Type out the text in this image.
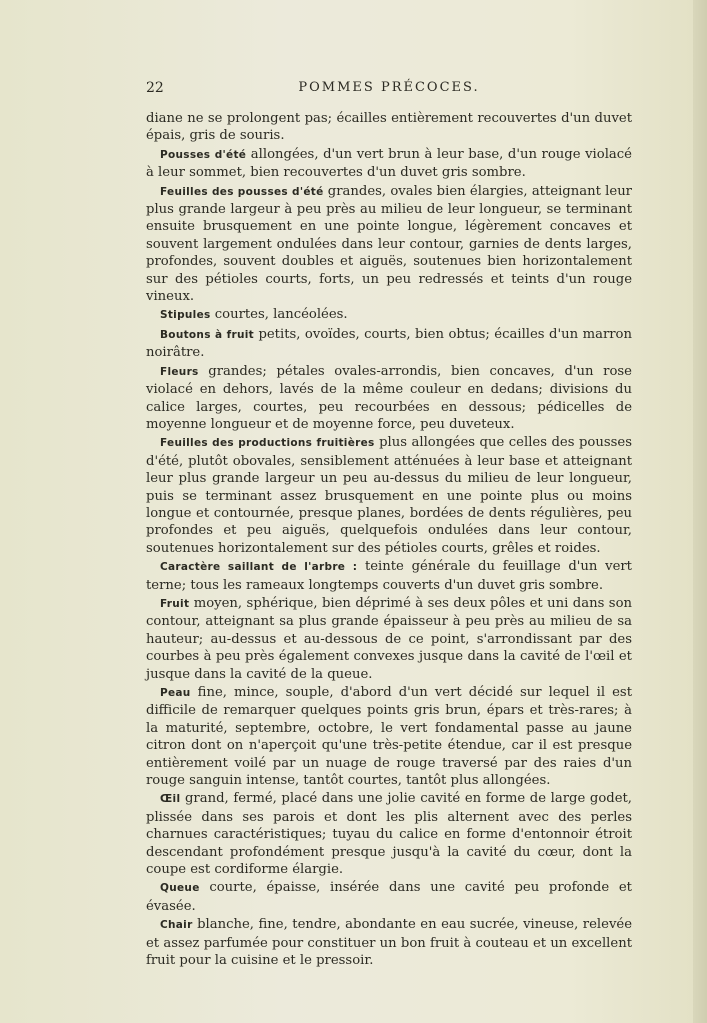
22	POMMES PRÉCOCES.

diane ne se prolongent pas; écailles entièrement recouvertes d'un duvet épais, gris de souris.

Pousses d'été allongées, d'un vert brun à leur base, d'un rouge violacé à leur sommet, bien recouvertes d'un duvet gris sombre.

Feuilles des pousses d'été grandes, ovales bien élargies, atteignant leur plus grande largeur à peu près au milieu de leur longueur, se terminant ensuite brusquement en une pointe longue, légèrement concaves et souvent largement ondulées dans leur contour, garnies de dents larges, profondes, souvent doubles et aiguës, soutenues bien horizontalement sur des pétioles courts, forts, un peu redressés et teints d'un rouge vineux.

Stipules courtes, lancéolées.

Boutons à fruit petits, ovoïdes, courts, bien obtus; écailles d'un marron noirâtre.

Fleurs grandes; pétales ovales-arrondis, bien concaves, d'un rose violacé en dehors, lavés de la même couleur en dedans; divisions du calice larges, courtes, peu recourbées en dessous; pédicelles de moyenne longueur et de moyenne force, peu duveteux.

Feuilles des productions fruitières plus allongées que celles des pousses d'été, plutôt obovales, sensiblement atténuées à leur base et atteignant leur plus grande largeur un peu au-dessus du milieu de leur longueur, puis se terminant assez brusquement en une pointe plus ou moins longue et contournée, presque planes, bordées de dents régulières, peu profondes et peu aiguës, quelquefois ondulées dans leur contour, soutenues horizontalement sur des pétioles courts, grêles et roides.

Caractère saillant de l'arbre : teinte générale du feuillage d'un vert terne; tous les rameaux longtemps couverts d'un duvet gris sombre.

Fruit moyen, sphérique, bien déprimé à ses deux pôles et uni dans son contour, atteignant sa plus grande épaisseur à peu près au milieu de sa hauteur; au-dessus et au-dessous de ce point, s'arrondissant par des courbes à peu près également convexes jusque dans la cavité de l'œil et jusque dans la cavité de la queue.

Peau fine, mince, souple, d'abord d'un vert décidé sur lequel il est difficile de remarquer quelques points gris brun, épars et très-rares; à la maturité, septembre, octobre, le vert fondamental passe au jaune citron dont on n'aperçoit qu'une très-petite étendue, car il est presque entièrement voilé par un nuage de rouge traversé par des raies d'un rouge sanguin intense, tantôt courtes, tantôt plus allongées.

Œil grand, fermé, placé dans une jolie cavité en forme de large godet, plissée dans ses parois et dont les plis alternent avec des perles charnues caractéristiques; tuyau du calice en forme d'entonnoir étroit descendant profondément presque jusqu'à la cavité du cœur, dont la coupe est cordiforme élargie.

Queue courte, épaisse, insérée dans une cavité peu profonde et évasée.

Chair blanche, fine, tendre, abondante en eau sucrée, vineuse, relevée et assez parfumée pour constituer un bon fruit à couteau et un excellent fruit pour la cuisine et le pressoir.
